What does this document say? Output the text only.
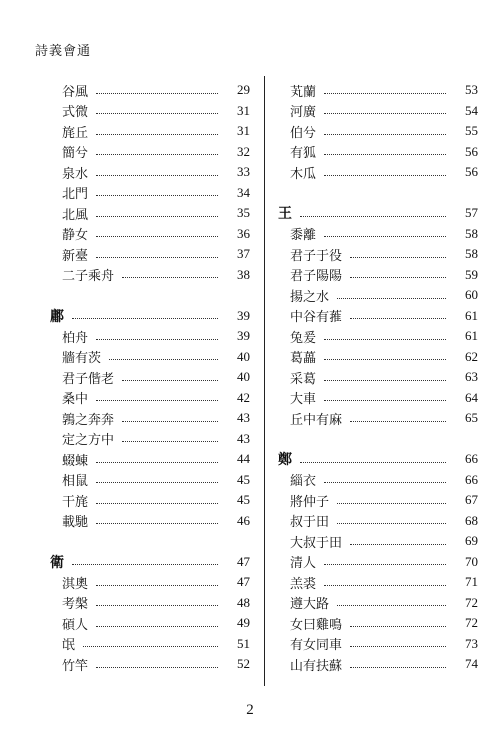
詩義會通
谷風	29
式微	31
旄丘	31
簡兮	32
泉水	33
北門	34
北風	35
静女	36
新臺	37
二子乘舟	38
鄘	39
柏舟	39
牆有茨	40
君子偕老	40
桑中	42
鶉之奔奔	43
定之方中	43
蝃蝀	44
相鼠	45
干旄	45
載馳	46
衛	47
淇奧	47
考槃	48
碩人	49
氓	51
竹竿	52
芄蘭	53
河廣	54
伯兮	55
有狐	56
木瓜	56
王	57
黍離	58
君子于役	58
君子陽陽	59
揚之水	60
中谷有蓷	61
兔爰	61
葛藟	62
采葛	63
大車	64
丘中有麻	65
鄭	66
緇衣	66
將仲子	67
叔于田	68
大叔于田	69
清人	70
羔裘	71
遵大路	72
女曰雞鳴	72
有女同車	73
山有扶蘇	74
2
